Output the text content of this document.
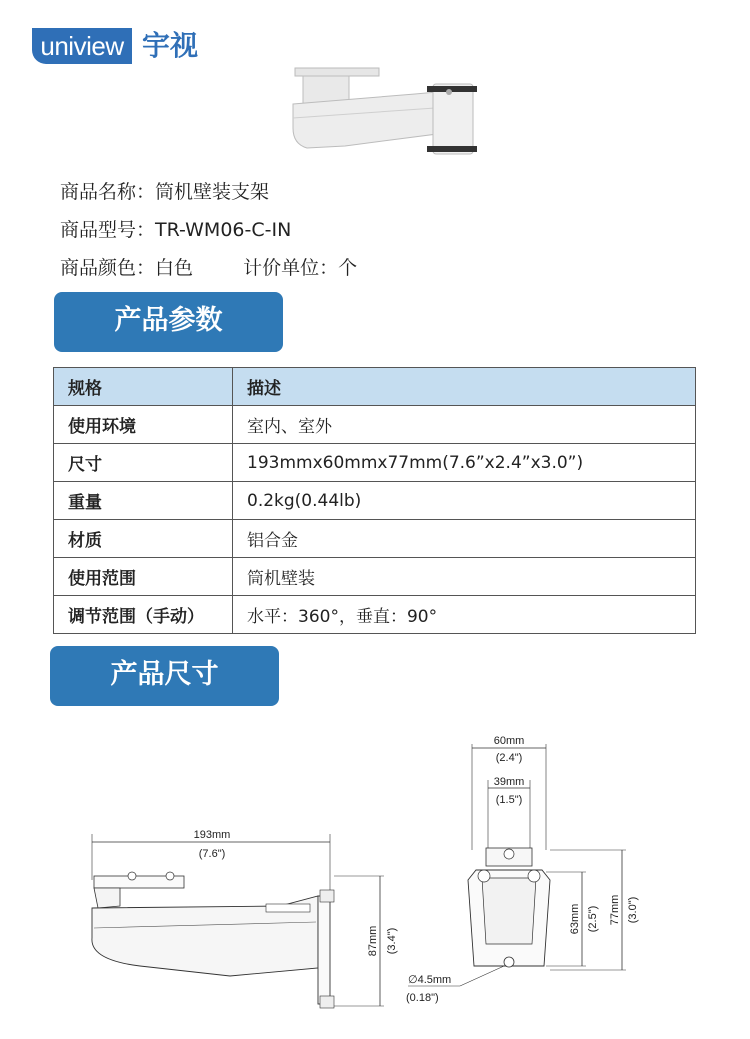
uniview 宇视
商品名称：筒机壁装支架
商品型号：TR-WM06-C-IN
商品颜色：白色	计价单位：个
产品参数
规格	描述
使用环境	室内、室外
尺寸	193mmx60mmx77mm(7.6”x2.4”x3.0”)
重量	0.2kg(0.44lb)
材质	铝合金
使用范围	筒机壁装
调节范围（手动）	水平：360°，垂直：90°
产品尺寸
193mm
(7.6")
87mm (3.4")
60mm
(2.4")
39mm
(1.5")
63mm (2.5") 77mm (3.0")
∅4.5mm
(0.18")
